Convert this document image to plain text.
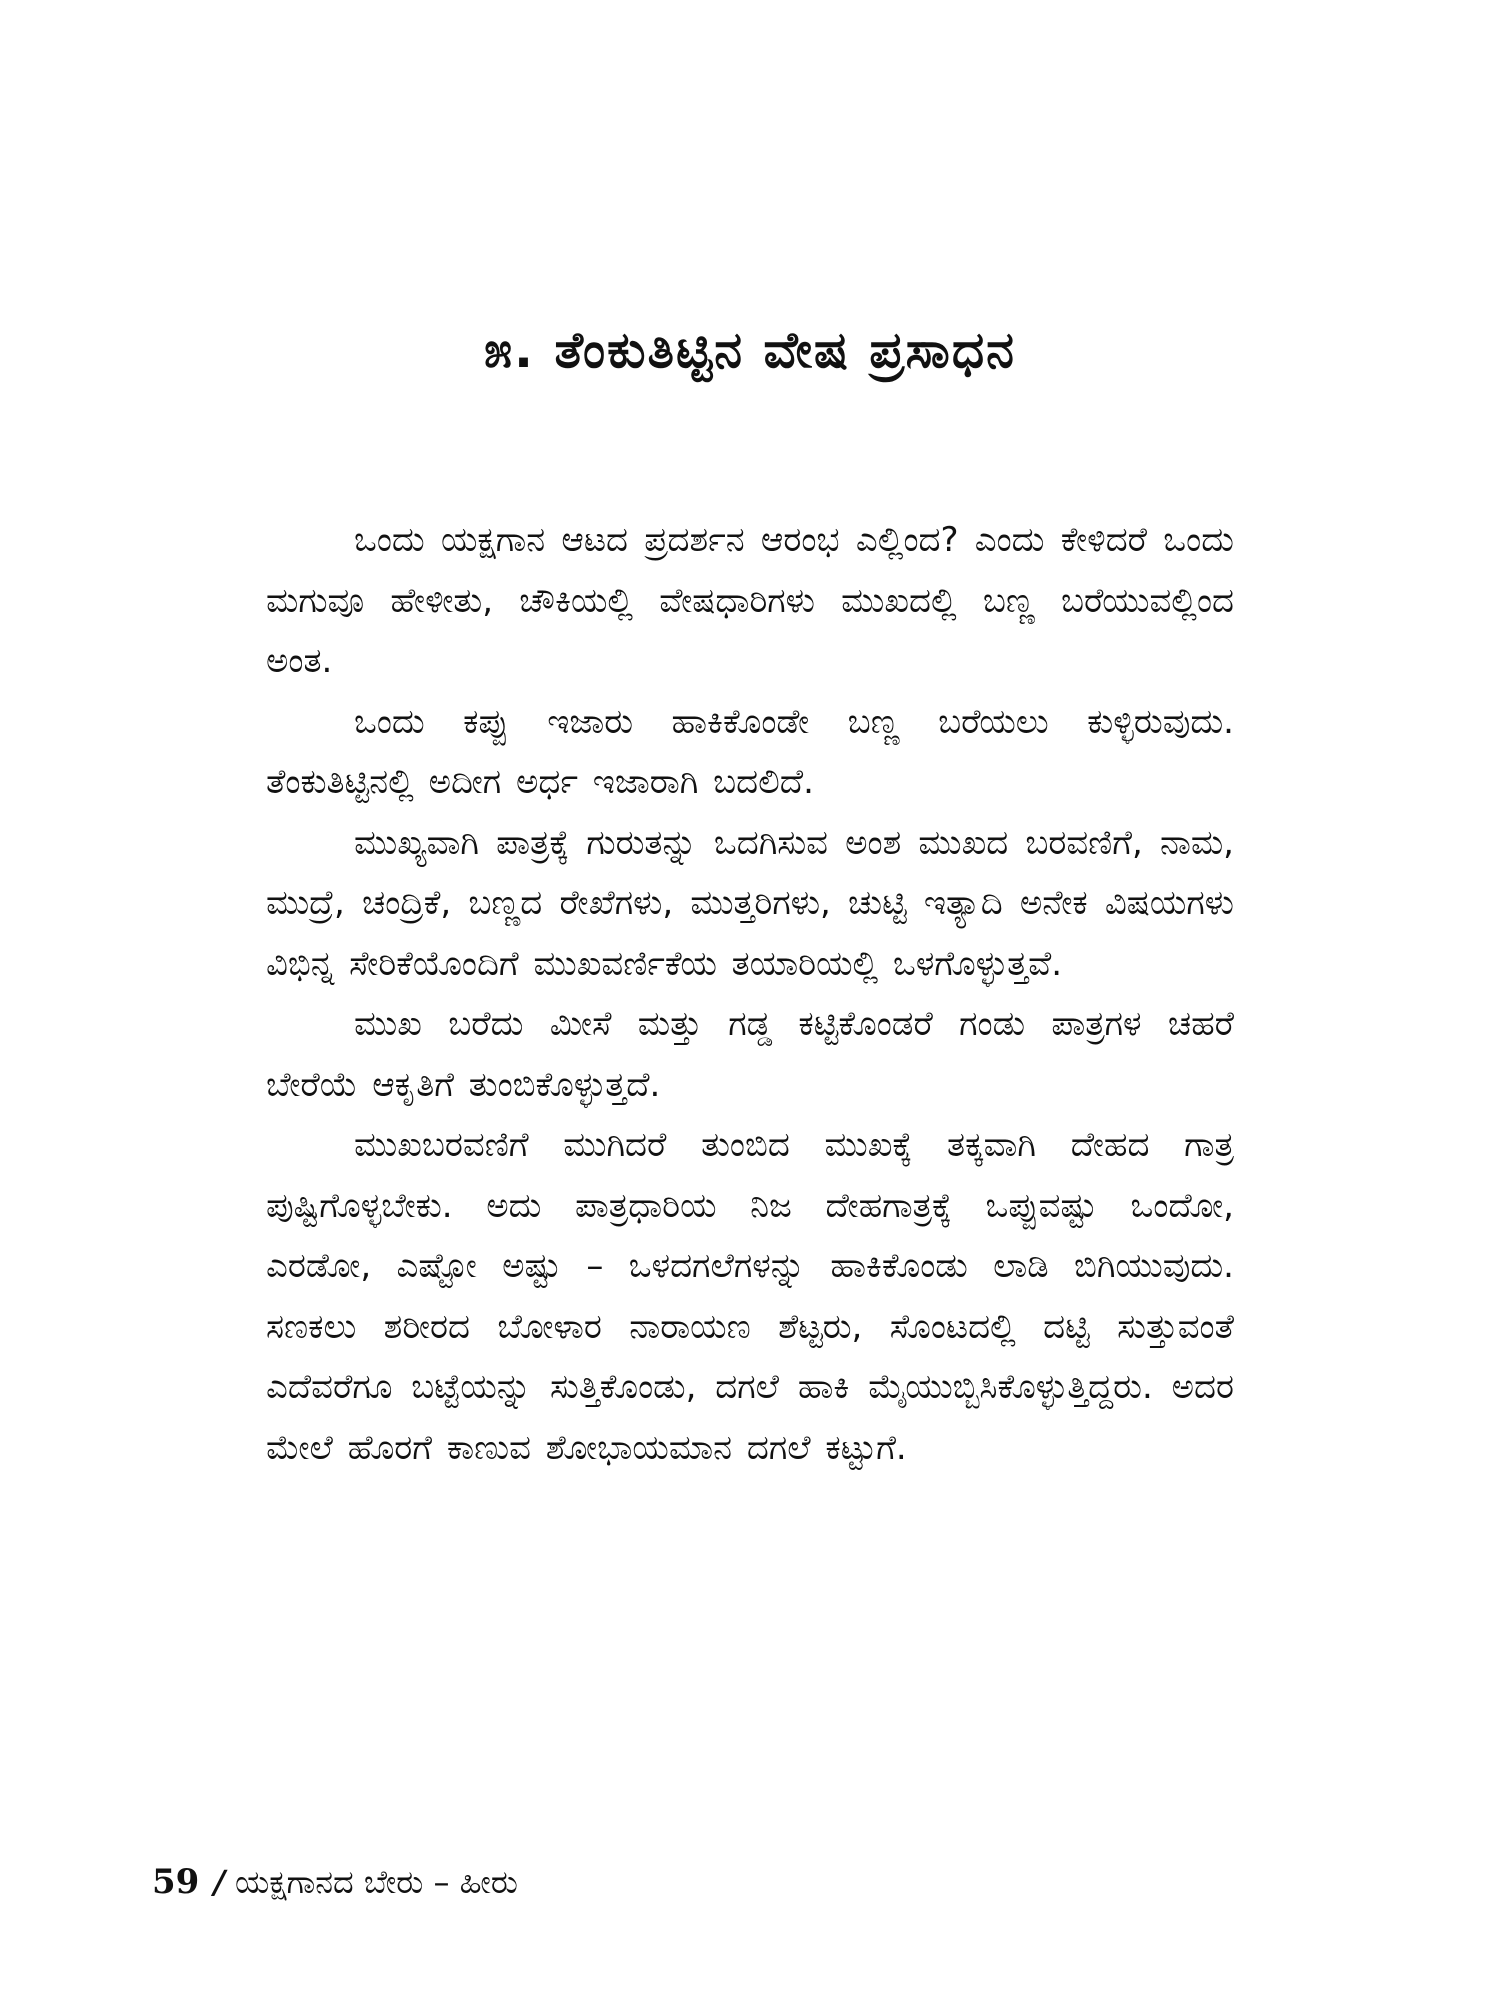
೫. ತೆಂಕುತಿಟ್ಟಿನ ವೇಷ ಪ್ರಸಾಧನ

ಒಂದು ಯಕ್ಷಗಾನ ಆಟದ ಪ್ರದರ್ಶನ ಆರಂಭ ಎಲ್ಲಿಂದ? ಎಂದು ಕೇಳಿದರೆ ಒಂದು ಮಗುವೂ ಹೇಳೀತು, ಚೌಕಿಯಲ್ಲಿ ವೇಷಧಾರಿಗಳು ಮುಖದಲ್ಲಿ ಬಣ್ಣ ಬರೆಯುವಲ್ಲಿಂದ ಅಂತ.

ಒಂದು ಕಪ್ಪು ಇಜಾರು ಹಾಕಿಕೊಂಡೇ ಬಣ್ಣ ಬರೆಯಲು ಕುಳ್ಳಿರುವುದು. ತೆಂಕುತಿಟ್ಟಿನಲ್ಲಿ ಅದೀಗ ಅರ್ಧ ಇಜಾರಾಗಿ ಬದಲಿದೆ.

ಮುಖ್ಯವಾಗಿ ಪಾತ್ರಕ್ಕೆ ಗುರುತನ್ನು ಒದಗಿಸುವ ಅಂಶ ಮುಖದ ಬರವಣಿಗೆ, ನಾಮ, ಮುದ್ರೆ, ಚಂದ್ರಿಕೆ, ಬಣ್ಣದ ರೇಖೆಗಳು, ಮುತ್ತರಿಗಳು, ಚುಟ್ಟಿ ಇತ್ಯಾದಿ ಅನೇಕ ವಿಷಯಗಳು ವಿಭಿನ್ನ ಸೇರಿಕೆಯೊಂದಿಗೆ ಮುಖವರ್ಣಿಕೆಯ ತಯಾರಿಯಲ್ಲಿ ಒಳಗೊಳ್ಳುತ್ತವೆ.

ಮುಖ ಬರೆದು ಮೀಸೆ ಮತ್ತು ಗಡ್ಡ ಕಟ್ಟಿಕೊಂಡರೆ ಗಂಡು ಪಾತ್ರಗಳ ಚಹರೆ ಬೇರೆಯೆ ಆಕೃತಿಗೆ ತುಂಬಿಕೊಳ್ಳುತ್ತದೆ.

ಮುಖಬರವಣಿಗೆ ಮುಗಿದರೆ ತುಂಬಿದ ಮುಖಕ್ಕೆ ತಕ್ಕವಾಗಿ ದೇಹದ ಗಾತ್ರ ಪುಷ್ಟಿಗೊಳ್ಳಬೇಕು. ಅದು ಪಾತ್ರಧಾರಿಯ ನಿಜ ದೇಹಗಾತ್ರಕ್ಕೆ ಒಪ್ಪುವಷ್ಟು ಒಂದೋ, ಎರಡೋ, ಎಷ್ಟೋ ಅಷ್ಟು – ಒಳದಗಲೆಗಳನ್ನು ಹಾಕಿಕೊಂಡು ಲಾಡಿ ಬಿಗಿಯುವುದು. ಸಣಕಲು ಶರೀರದ ಬೋಳಾರ ನಾರಾಯಣ ಶೆಟ್ಟರು, ಸೊಂಟದಲ್ಲಿ ದಟ್ಟಿ ಸುತ್ತುವಂತೆ ಎದೆವರೆಗೂ ಬಟ್ಟೆಯನ್ನು ಸುತ್ತಿಕೊಂಡು, ದಗಲೆ ಹಾಕಿ ಮೈಯುಬ್ಬಿಸಿಕೊಳ್ಳುತ್ತಿದ್ದರು. ಅದರ ಮೇಲೆ ಹೊರಗೆ ಕಾಣುವ ಶೋಭಾಯಮಾನ ದಗಲೆ ಕಟ್ಟುಗೆ.

59 / ಯಕ್ಷಗಾನದ ಬೇರು – ಹೀರು
